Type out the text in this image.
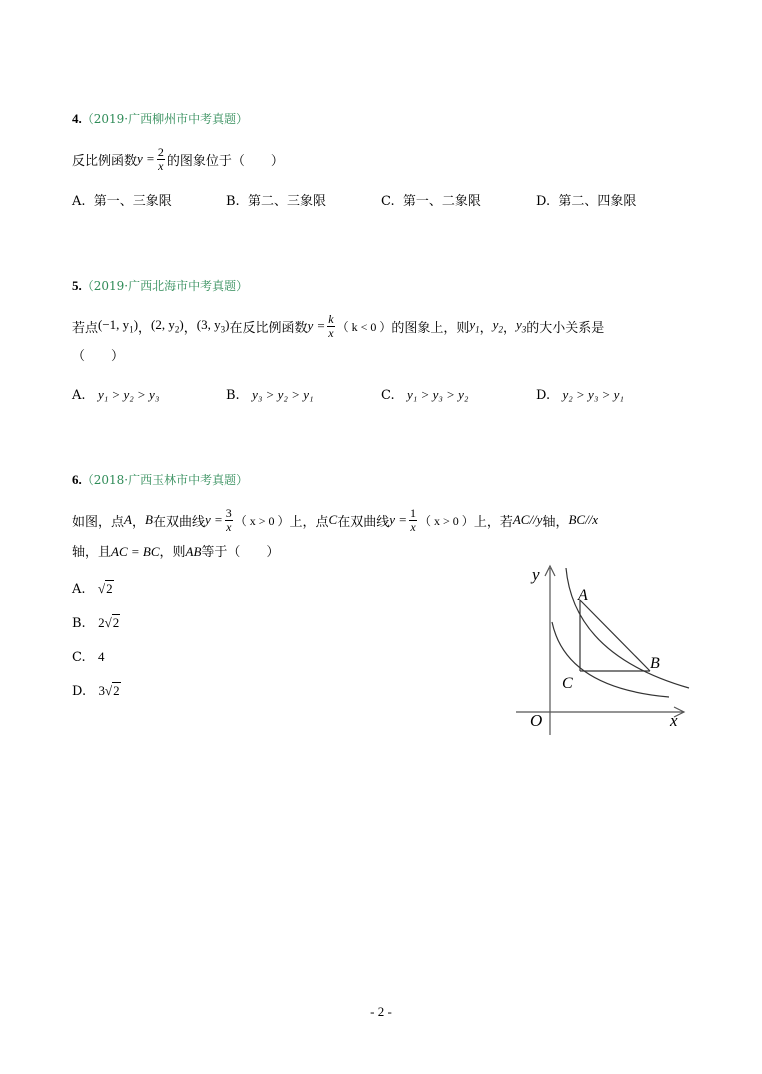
4.（2019·广西柳州市中考真题）
反比例函数 $y = \frac{2}{x}$ 的图象位于（　　）
A. 第一、三象限	B. 第二、三象限	C. 第一、二象限	D. 第二、四象限
5.（2019·广西北海市中考真题）
若点 (−1, $y_1$) ， (2, $y_2$) ， (3, $y_3$) 在反比例函数 $y = \frac{k}{x}$ （ k < 0 ） 的图象上，则 $y_1$ ， $y_2$ ， $y_3$ 的大小关系是
（　　）
A. y₁ > y₂ > y₃	B. y₃ > y₂ > y₁	C. y₁ > y₃ > y₂	D. y₂ > y₃ > y₁
6.（2018·广西玉林市中考真题）
如图，点 A ， B 在双曲线 $y = \frac{3}{x}$ （ x > 0 ） 上，点 C 在双曲线 $y = \frac{1}{x}$ （ x > 0 ） 上，若 AC//y 轴， BC//x
轴，且AC = BC，则AB等于（　　）
A. √2
B. 2√2
C. 4
D. 3√2
y
x
O
A
B
C
- 2 -
